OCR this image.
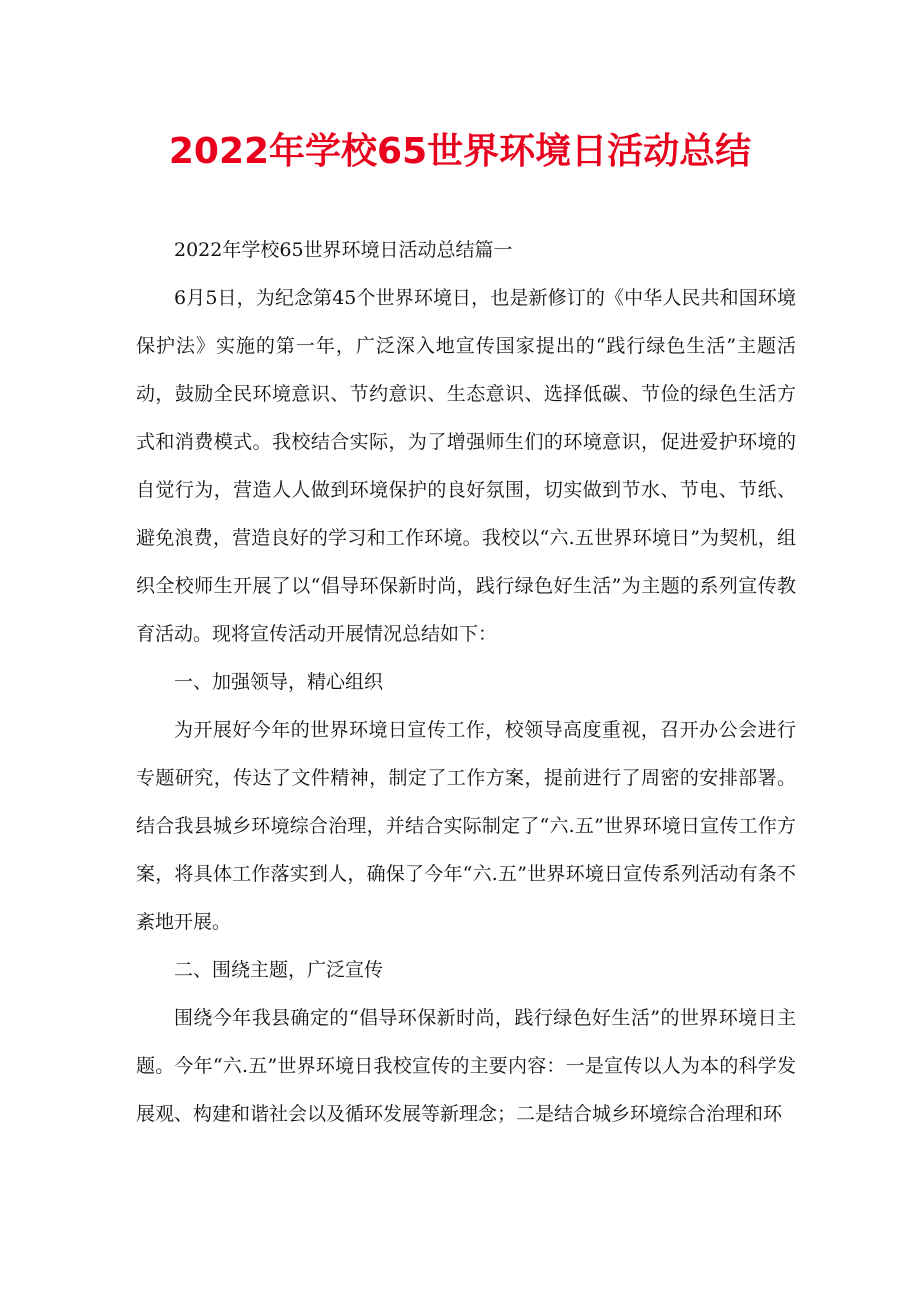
2022年学校65世界环境日活动总结

2022年学校65世界环境日活动总结篇一

6月5日，为纪念第45个世界环境日，也是新修订的《中华人民共和国环境保护法》实施的第一年，广泛深入地宣传国家提出的“践行绿色生活”主题活动，鼓励全民环境意识、节约意识、生态意识、选择低碳、节俭的绿色生活方式和消费模式。我校结合实际，为了增强师生们的环境意识，促进爱护环境的自觉行为，营造人人做到环境保护的良好氛围，切实做到节水、节电、节纸、避免浪费，营造良好的学习和工作环境。我校以“六.五世界环境日”为契机，组织全校师生开展了以“倡导环保新时尚，践行绿色好生活”为主题的系列宣传教育活动。现将宣传活动开展情况总结如下：

一、加强领导，精心组织

为开展好今年的世界环境日宣传工作，校领导高度重视，召开办公会进行专题研究，传达了文件精神，制定了工作方案，提前进行了周密的安排部署。结合我县城乡环境综合治理，并结合实际制定了“六.五”世界环境日宣传工作方案，将具体工作落实到人，确保了今年“六.五”世界环境日宣传系列活动有条不紊地开展。

二、围绕主题，广泛宣传

围绕今年我县确定的“倡导环保新时尚，践行绿色好生活”的世界环境日主题。今年“六.五”世界环境日我校宣传的主要内容：一是宣传以人为本的科学发展观、构建和谐社会以及循环发展等新理念；二是结合城乡环境综合治理和环
